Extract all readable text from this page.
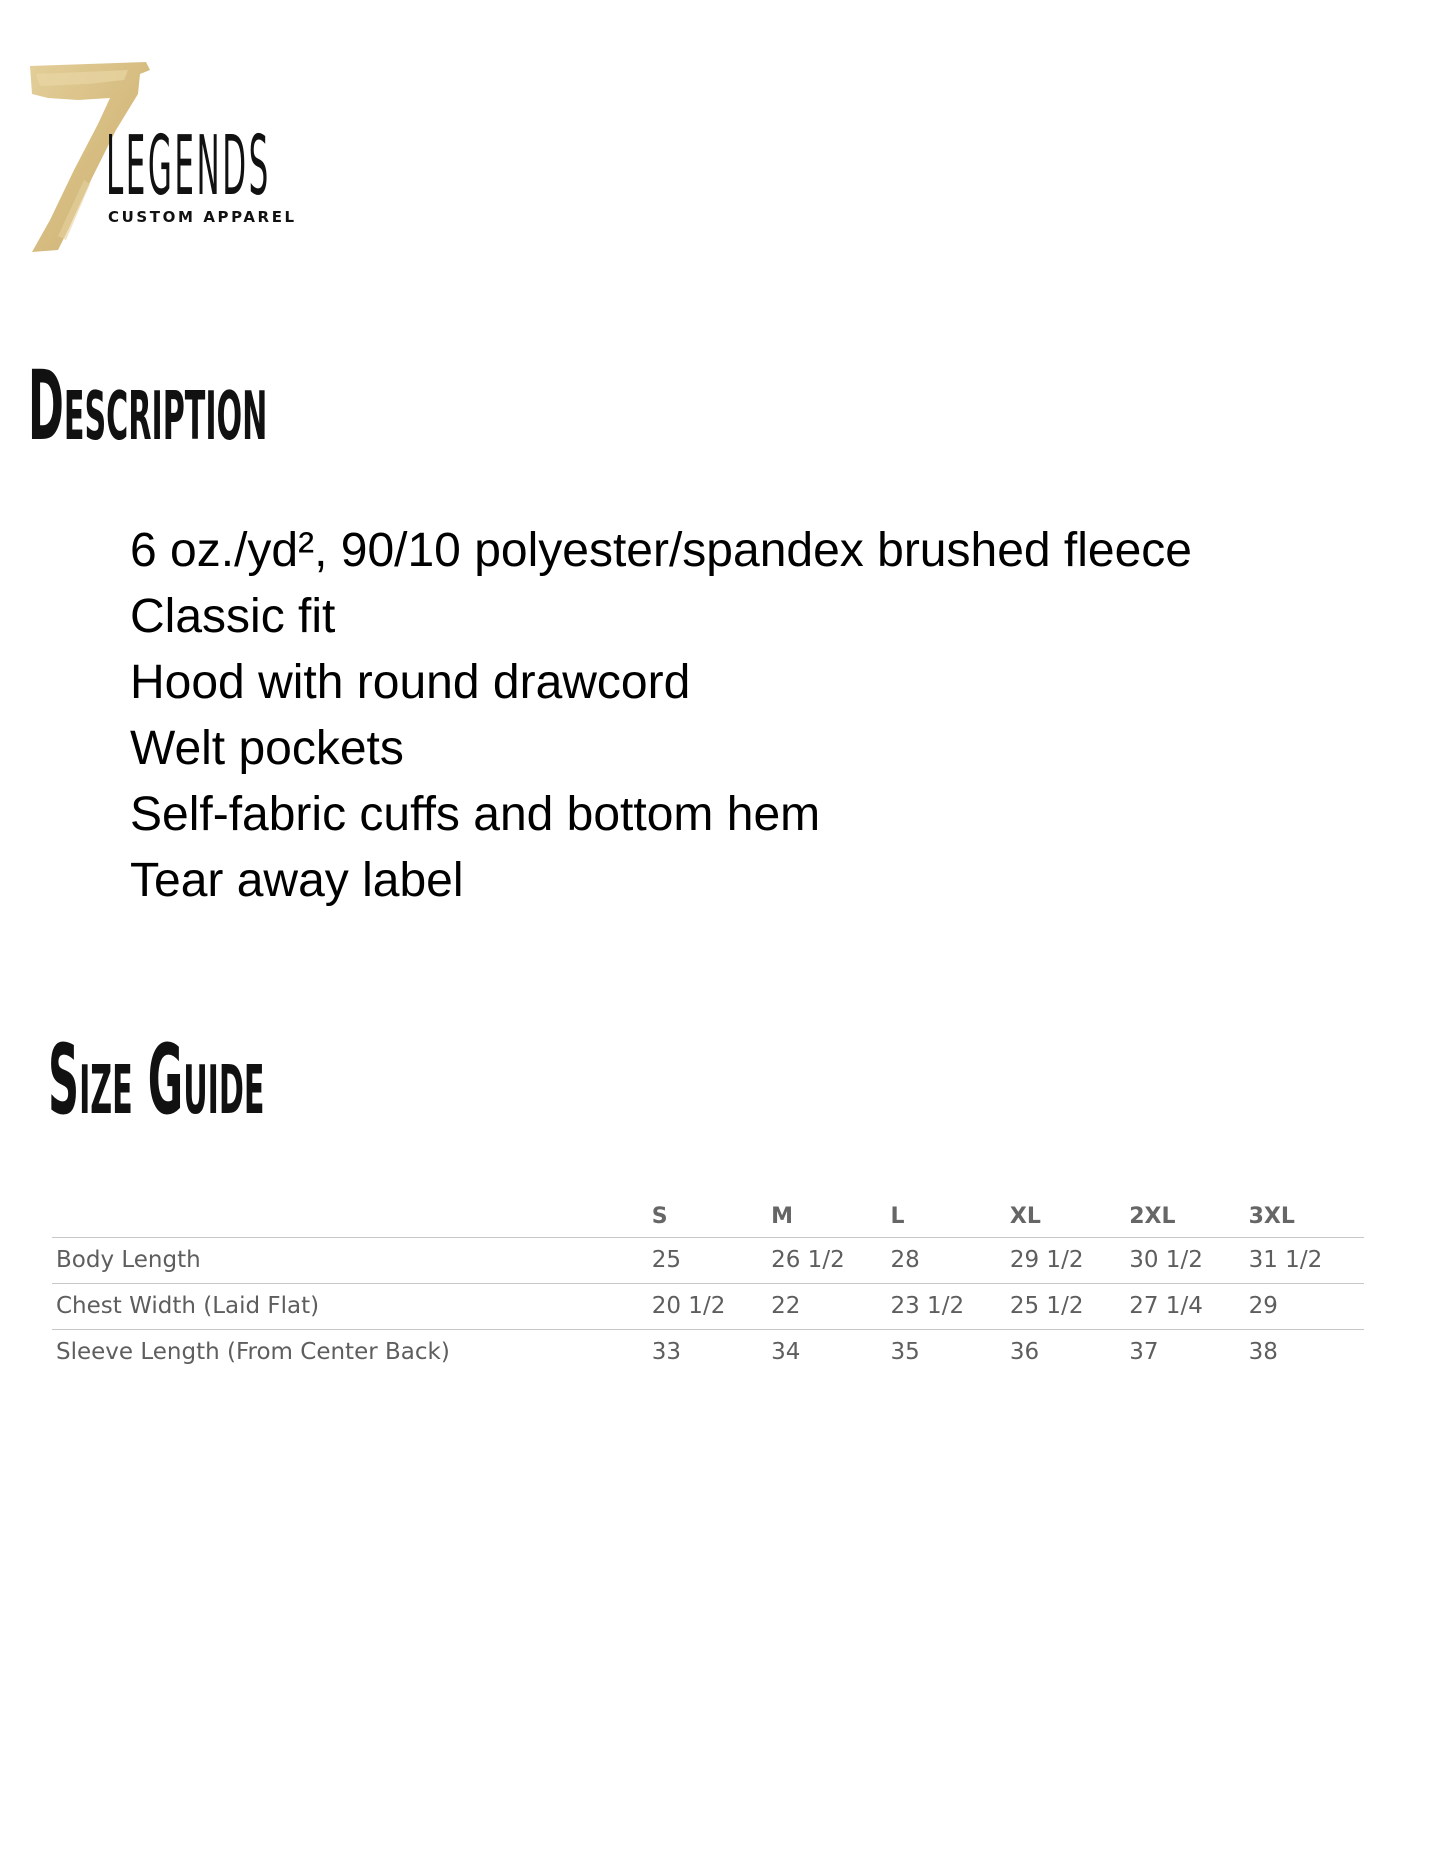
LEGENDS
CUSTOM APPAREL
Description
6 oz./yd², 90/10 polyester/spandex brushed fleece
Classic fit
Hood with round drawcord
Welt pockets
Self-fabric cuffs and bottom hem
Tear away label
Size Guide
	S	M	L	XL	2XL	3XL
Body Length	25	26 1/2	28	29 1/2	30 1/2	31 1/2
Chest Width (Laid Flat)	20 1/2	22	23 1/2	25 1/2	27 1/4	29
Sleeve Length (From Center Back)	33	34	35	36	37	38
